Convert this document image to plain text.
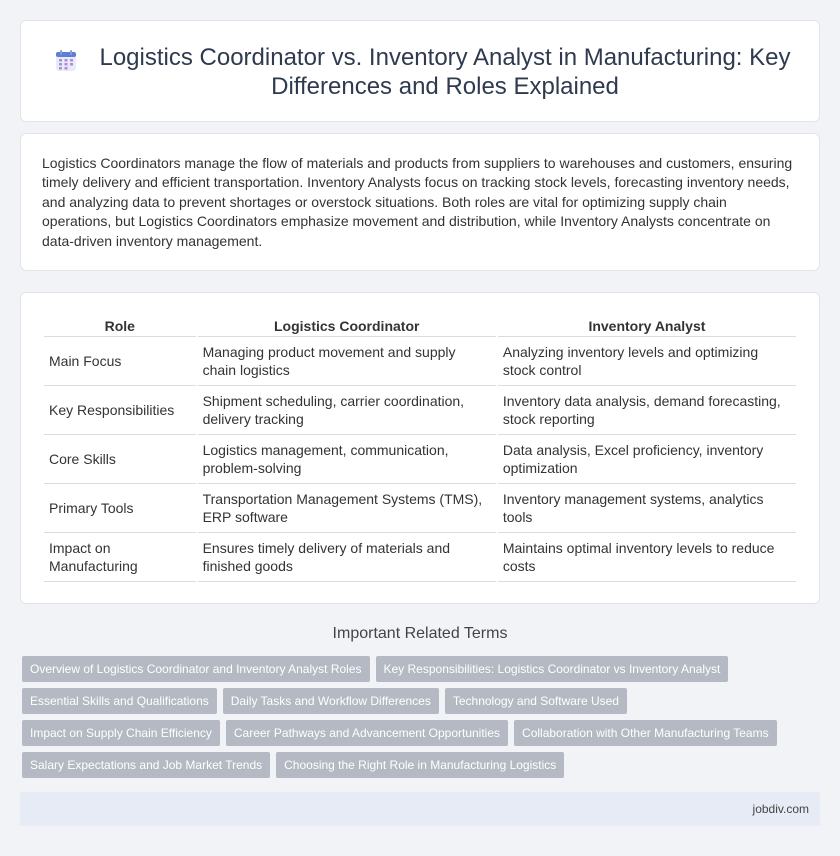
Logistics Coordinator vs. Inventory Analyst in Manufacturing: Key Differences and Roles Explained

Logistics Coordinators manage the flow of materials and products from suppliers to warehouses and customers, ensuring timely delivery and efficient transportation. Inventory Analysts focus on tracking stock levels, forecasting inventory needs, and analyzing data to prevent shortages or overstock situations. Both roles are vital for optimizing supply chain operations, but Logistics Coordinators emphasize movement and distribution, while Inventory Analysts concentrate on data-driven inventory management.

Role	Logistics Coordinator	Inventory Analyst
Main Focus	Managing product movement and supply chain logistics	Analyzing inventory levels and optimizing stock control
Key Responsibilities	Shipment scheduling, carrier coordination, delivery tracking	Inventory data analysis, demand forecasting, stock reporting
Core Skills	Logistics management, communication, problem-solving	Data analysis, Excel proficiency, inventory optimization
Primary Tools	Transportation Management Systems (TMS), ERP software	Inventory management systems, analytics tools
Impact on Manufacturing	Ensures timely delivery of materials and finished goods	Maintains optimal inventory levels to reduce costs
Important Related Terms
Overview of Logistics Coordinator and Inventory Analyst Roles	Key Responsibilities: Logistics Coordinator vs Inventory Analyst
Essential Skills and Qualifications	Daily Tasks and Workflow Differences	Technology and Software Used
Impact on Supply Chain Efficiency	Career Pathways and Advancement Opportunities	Collaboration with Other Manufacturing Teams
Salary Expectations and Job Market Trends	Choosing the Right Role in Manufacturing Logistics
jobdiv.com
